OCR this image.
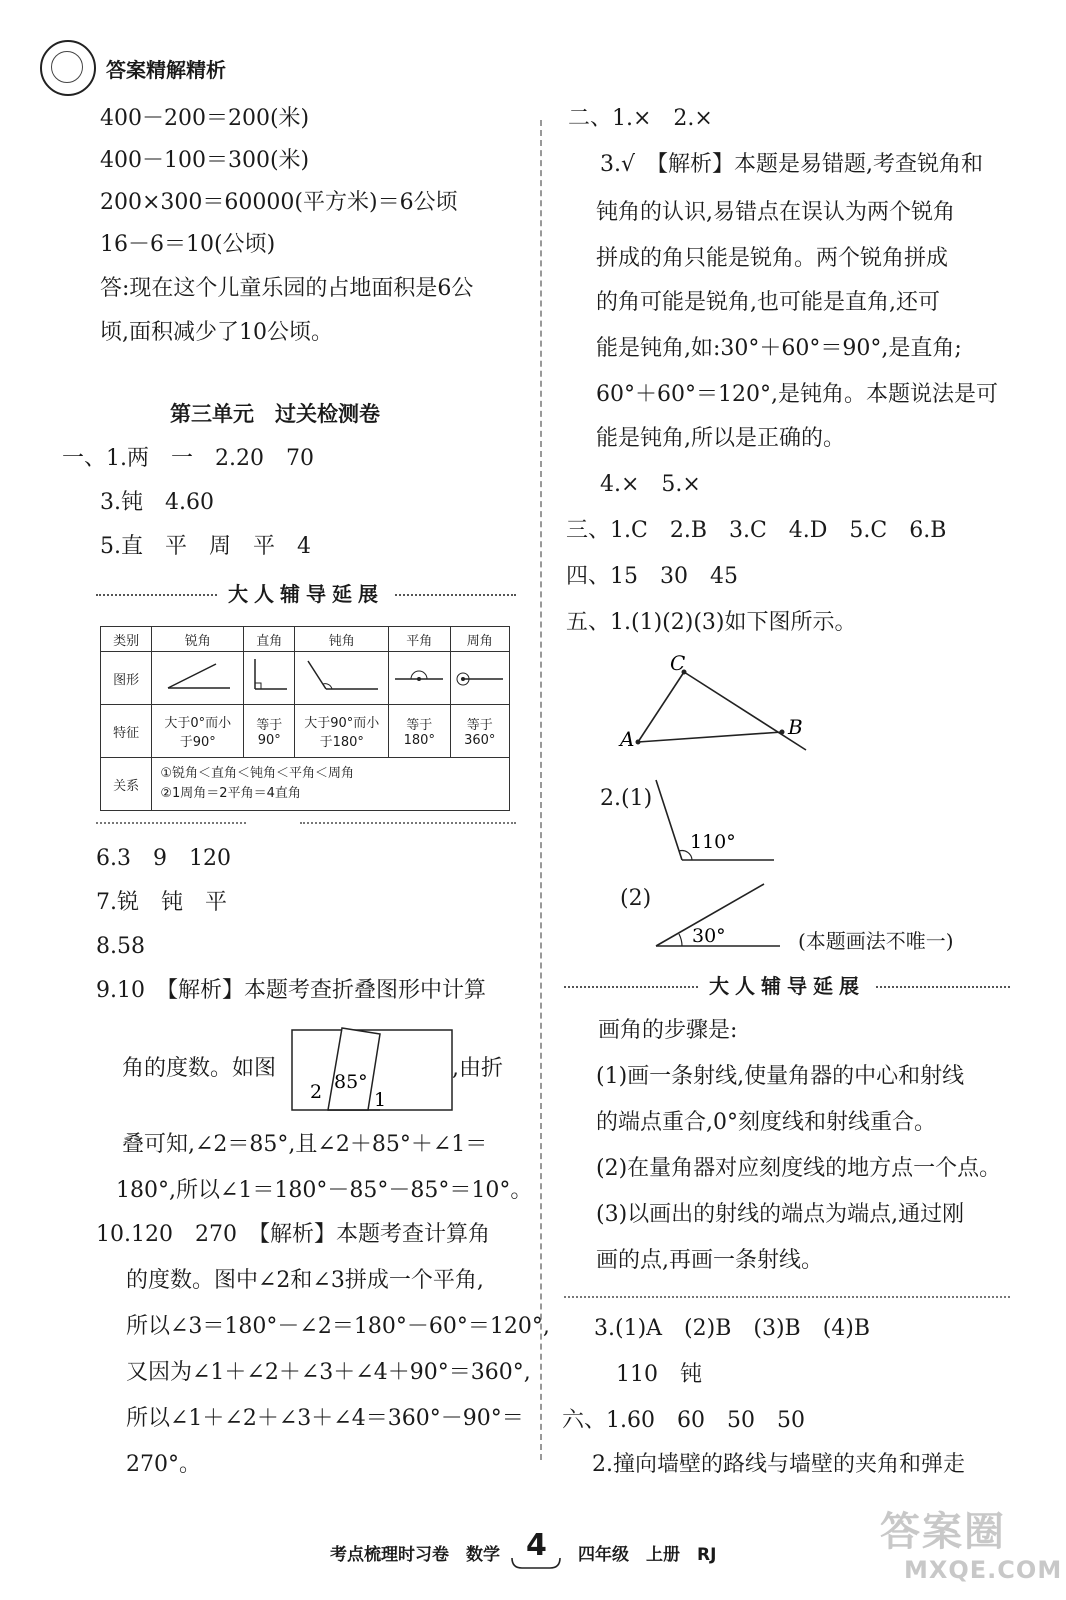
答案精解精析
400－200＝200(米)
400－100＝300(米)
200×300＝60000(平方米)＝6公顷
16－6＝10(公顷)
答:现在这个儿童乐园的占地面积是6公
顷,面积减少了10公顷。
第三单元　过关检测卷
一、1.两　一　2.20　70
3.钝　4.60
5.直　平　周　平　4
大人辅导延展
类别	锐角	直角	钝角	平角	周角
图形					
特征	大于0°而小于90°	等于90°	大于90°而小于180°	等于180°	等于360°
关系	①锐角＜直角＜钝角＜平角＜周角
②1周角＝2平角＝4直角				
6.3　9　120
7.锐　钝　平
8.58
9.10　【解析】本题考查折叠图形中计算
角的度数。如图
2 85°
1
,由折
叠可知,∠2＝85°,且∠2＋85°＋∠1＝
180°,所以∠1＝180°－85°－85°＝10°。
10.120　270　【解析】本题考查计算角
的度数。图中∠2和∠3拼成一个平角,
所以∠3＝180°－∠2＝180°－60°＝120°,
又因为∠1＋∠2＋∠3＋∠4＋90°＝360°,
所以∠1＋∠2＋∠3＋∠4＝360°－90°＝
270°。
二、1.×　2.×
3.√　【解析】本题是易错题,考查锐角和
钝角的认识,易错点在误认为两个锐角
拼成的角只能是锐角。两个锐角拼成
的角可能是锐角,也可能是直角,还可
能是钝角,如:30°＋60°＝90°,是直角;
60°＋60°＝120°,是钝角。本题说法是可
能是钝角,所以是正确的。
4.×　5.×
三、1.C　2.B　3.C　4.D　5.C　6.B
四、15　30　45
五、1.(1)(2)(3)如下图所示。
C
A	B
2.(1)
110°
(2)
30°	(本题画法不唯一)
大人辅导延展
画角的步骤是:
(1)画一条射线,使量角器的中心和射线
的端点重合,0°刻度线和射线重合。
(2)在量角器对应刻度线的地方点一个点。
(3)以画出的射线的端点为端点,通过刚
画的点,再画一条射线。
3.(1)A　(2)B　(3)B　(4)B
110　钝
六、1.60　60　50　50
2.撞向墙壁的路线与墙壁的夹角和弹走
考点梳理时习卷　数学 4 四年级　上册　RJ	答案圈
MXQE.COM
